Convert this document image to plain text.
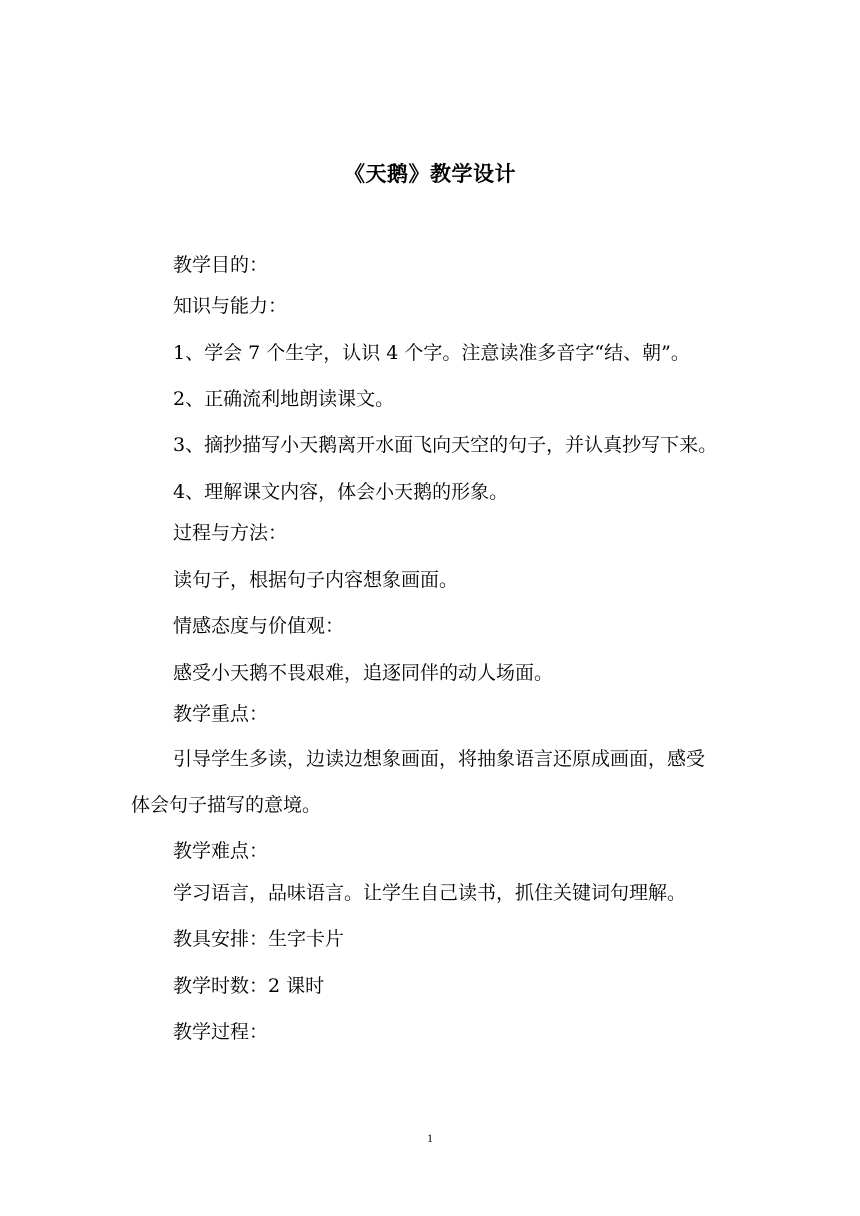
《天鹅》教学设计

教学目的：

知识与能力：

1、学会 7 个生字，认识 4 个字。注意读准多音字“结、朝”。

2、正确流利地朗读课文。

3、摘抄描写小天鹅离开水面飞向天空的句子，并认真抄写下来。

4、理解课文内容，体会小天鹅的形象。

过程与方法：

读句子，根据句子内容想象画面。

情感态度与价值观：

感受小天鹅不畏艰难，追逐同伴的动人场面。

教学重点：

引导学生多读，边读边想象画面，将抽象语言还原成画面，感受

体会句子描写的意境。

教学难点：

学习语言，品味语言。让学生自己读书，抓住关键词句理解。

教具安排：生字卡片

教学时数：2 课时

教学过程：

1
